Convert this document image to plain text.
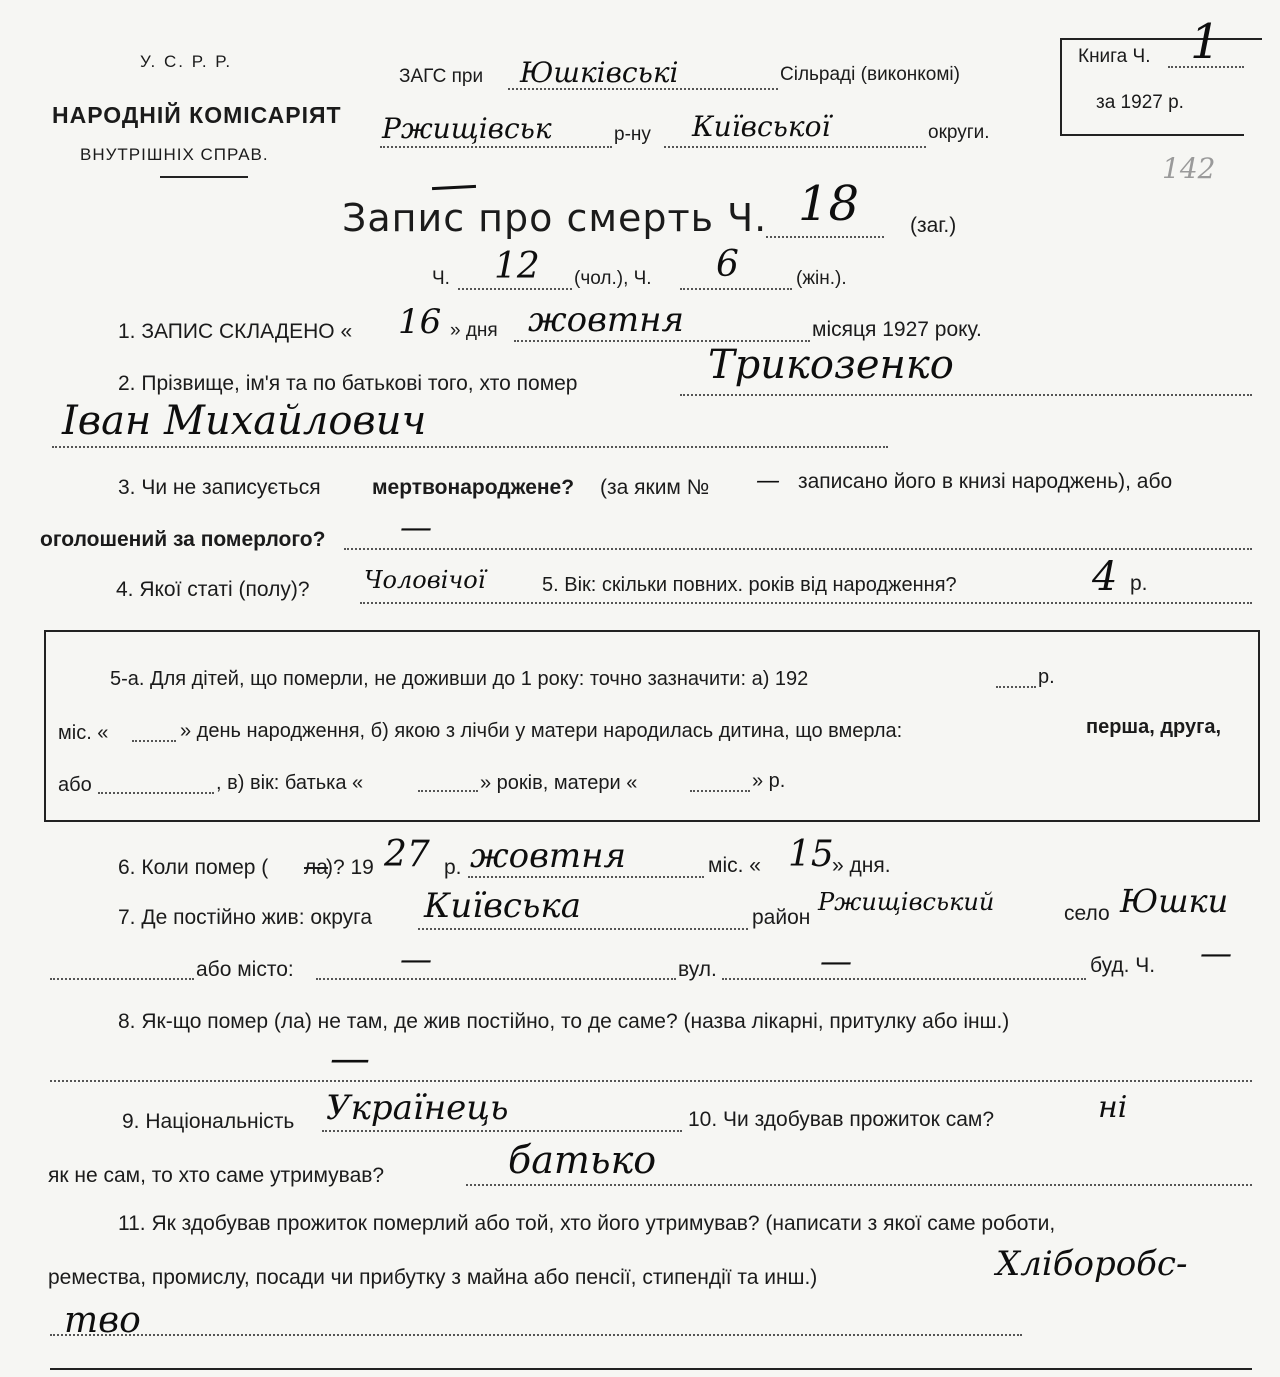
У. С. Р. Р.
НАРОДНІЙ КОМІСАРІЯТ
ВНУТРІШНІХ СПРАВ.
ЗАГС при Юшківські	Сільраді (виконкомі)
Ржищівськ	р-ну Київської	округи.
Книга Ч. 1
за 1927 р.
142
Запис про смерть Ч. 18 (заг.)
Ч. 12 (чол.), Ч. 6	(жін.).
1. ЗАПИС СКЛАДЕНО « 16 » дня жовтня	місяця 1927 року.
2. Прізвище, ім'я та по батькові того, хто помер	Трикозенко
Іван Михайлович
3. Чи не записується мертвонароджене? (за яким № — записано його в книзі народжень), або
оголошений за померлого? —
4. Якої статі (полу)? Чоловічої	5. Вік: скільки повних. років від народження?	4 р.
5-а. Для дітей, що померли, не доживши до 1 року: точно зазначити: а) 192	р.
міс. «	» день народження, б) якою з лічби у матери народилась дитина, що вмерла:	перша, друга,
або	, в) вік: батька «	» років, матери «	» р.
6. Коли помер ( ла
)? 19 27 р. жовтня	міс. « 15
» дня.
7. Де постійно жив: округа Київська	район
Ржищівський	село Юшки
або місто:	—	вул.	—	буд. Ч. —
8. Як-що помер (ла) не там, де жив постійно, то де саме? (назва лікарні, притулку або інш.)
—
9. Національність Українець	10. Чи здобував прожиток сам?	ні
як не сам, то хто саме утримував?	батько
11. Як здобував прожиток померлий або той, хто його утримував? (написати з якої саме роботи,
ремества, промислу, посади чи прибутку з майна або пенсії, стипендії та инш.)	Хліборобс-
тво
